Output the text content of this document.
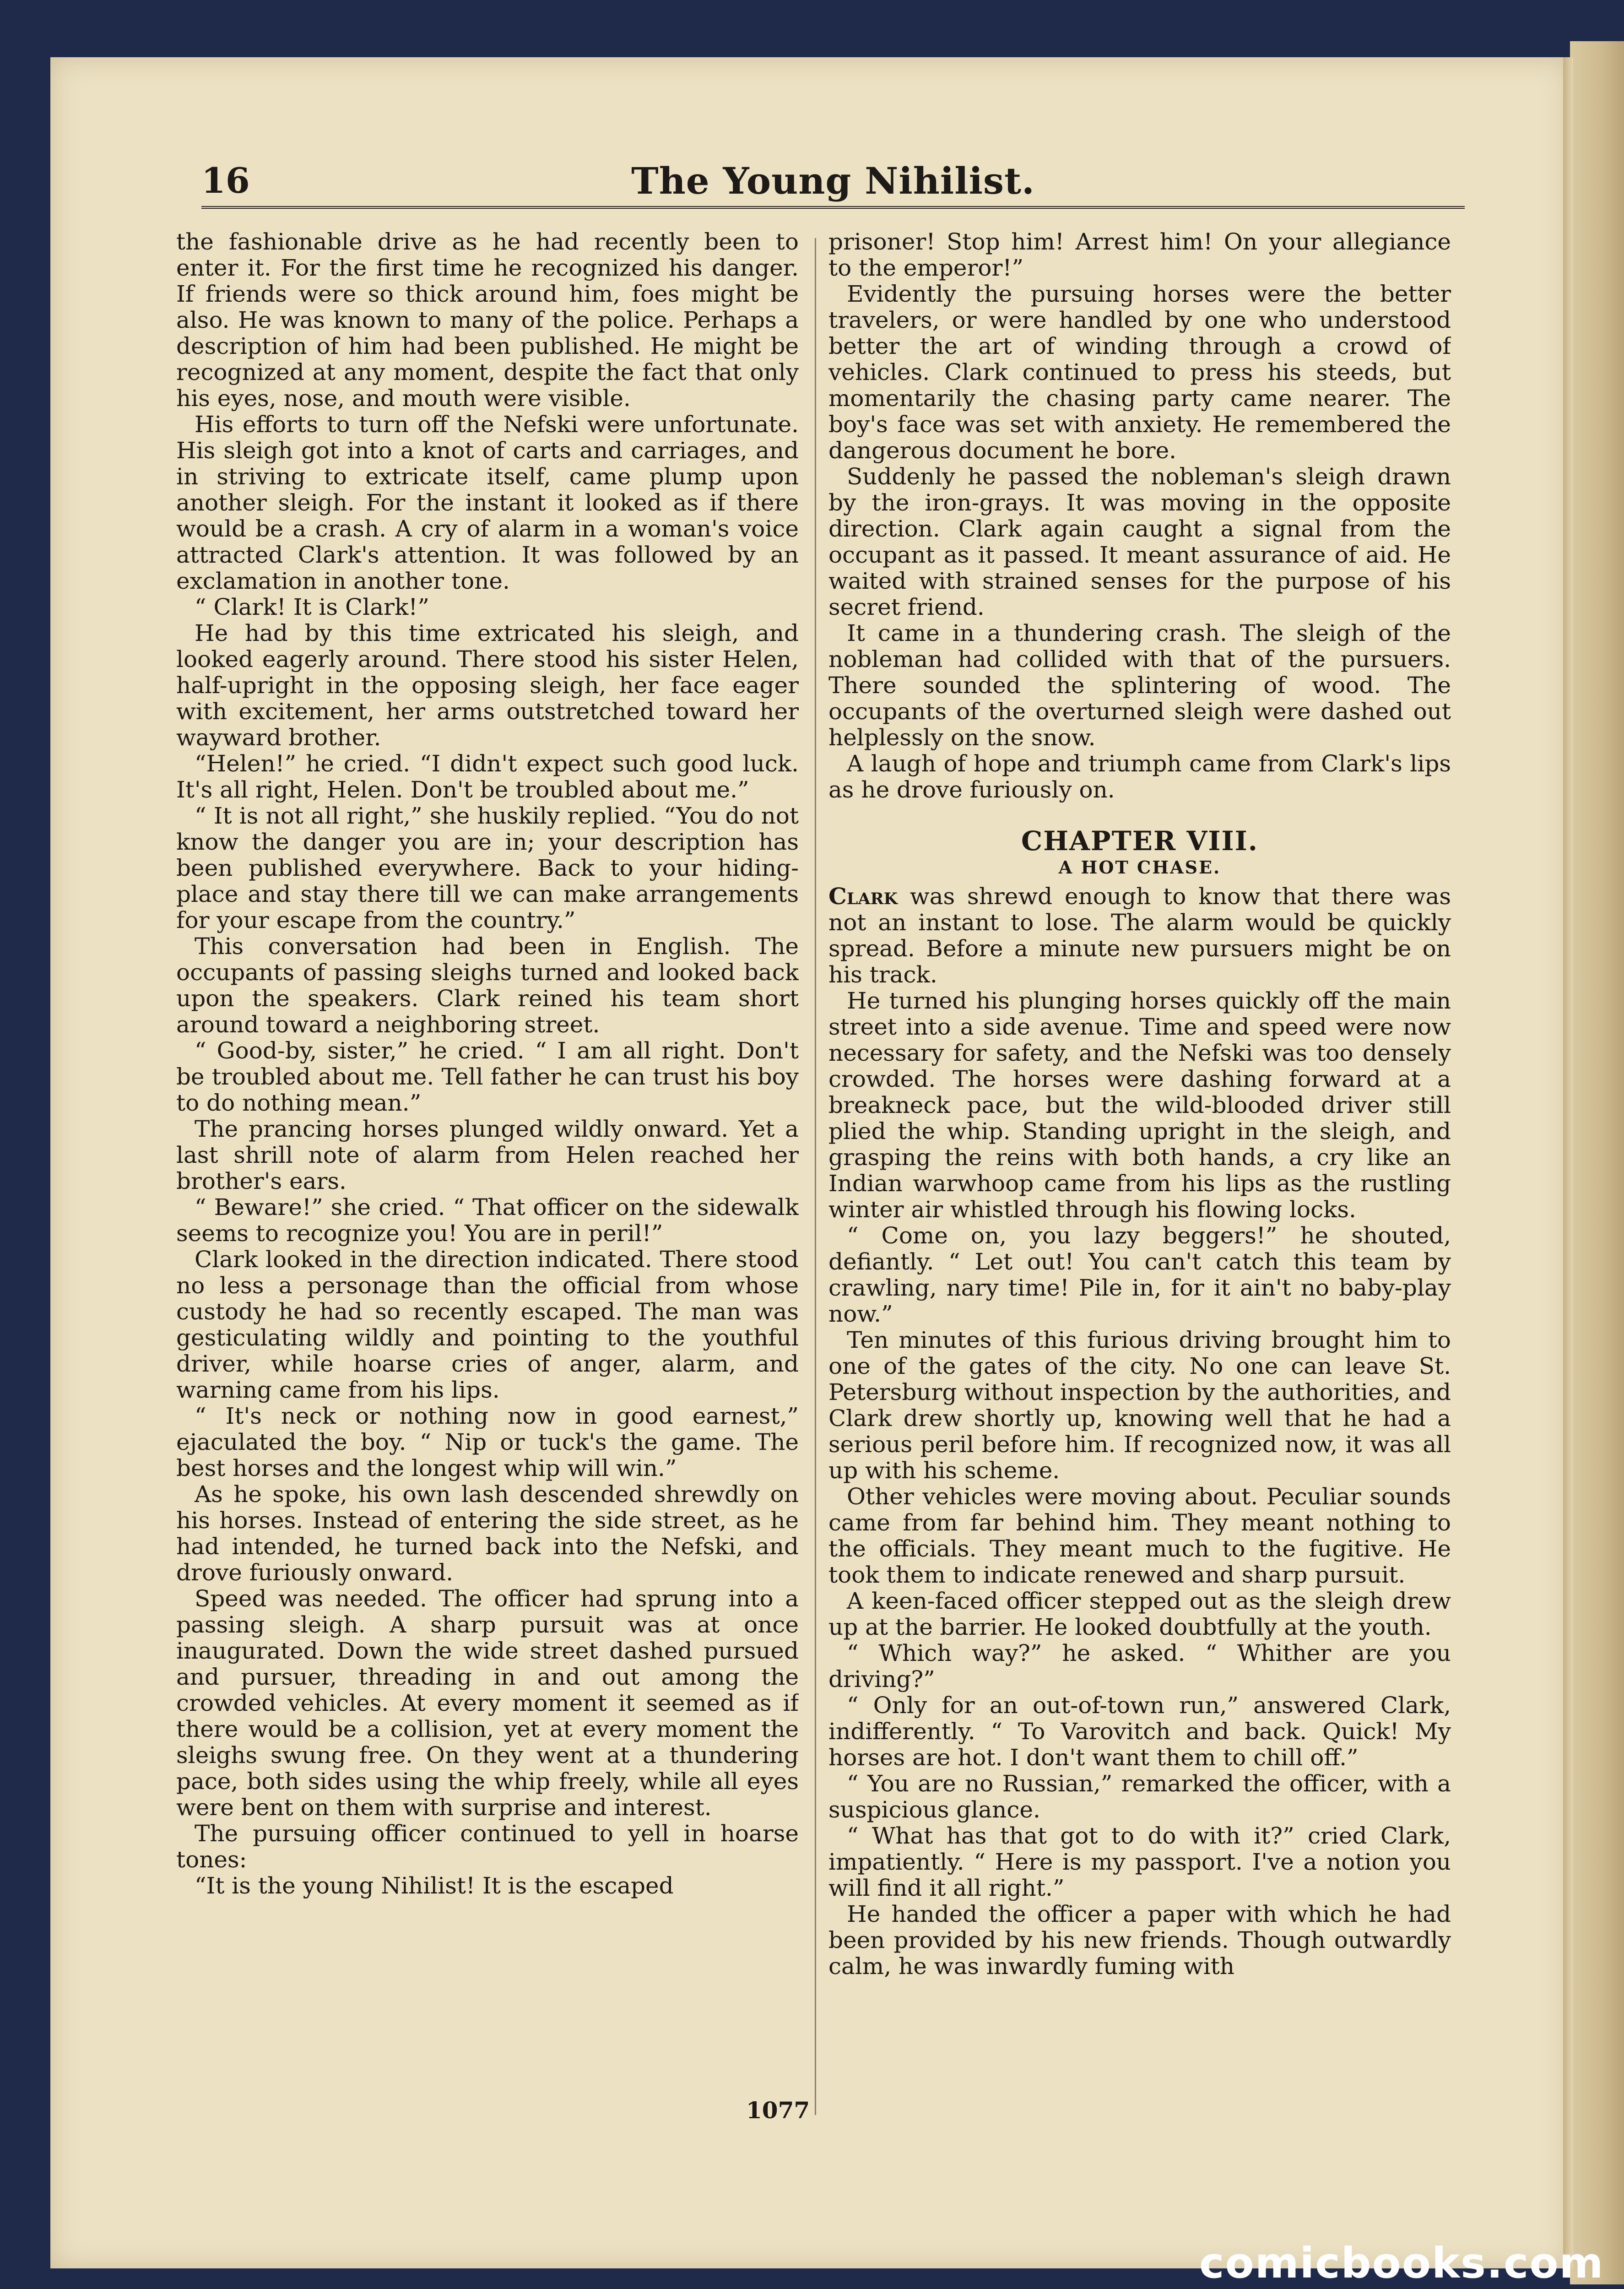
16	The Young Nihilist.

the fashionable drive as he had recently been to enter it. For the first time he recognized his danger. If friends were so thick around him, foes might be also. He was known to many of the police. Perhaps a description of him had been published. He might be recognized at any moment, despite the fact that only his eyes, nose, and mouth were visible.

His efforts to turn off the Nefski were unfortunate. His sleigh got into a knot of carts and carriages, and in striving to extricate itself, came plump upon another sleigh. For the instant it looked as if there would be a crash. A cry of alarm in a woman's voice attracted Clark's attention. It was followed by an exclamation in another tone.

“ Clark! It is Clark!”

He had by this time extricated his sleigh, and looked eagerly around. There stood his sister Helen, half-upright in the opposing sleigh, her face eager with excitement, her arms outstretched toward her wayward brother.

“Helen!” he cried. “I didn't expect such good luck. It's all right, Helen. Don't be troubled about me.”

“ It is not all right,” she huskily replied. “You do not know the danger you are in; your description has been published everywhere. Back to your hiding-place and stay there till we can make arrangements for your escape from the country.”

This conversation had been in English. The occupants of passing sleighs turned and looked back upon the speakers. Clark reined his team short around toward a neighboring street.

“ Good-by, sister,” he cried. “ I am all right. Don't be troubled about me. Tell father he can trust his boy to do nothing mean.”

The prancing horses plunged wildly onward. Yet a last shrill note of alarm from Helen reached her brother's ears.

“ Beware!” she cried. “ That officer on the sidewalk seems to recognize you! You are in peril!”

Clark looked in the direction indicated. There stood no less a personage than the official from whose custody he had so recently escaped. The man was gesticulating wildly and pointing to the youthful driver, while hoarse cries of anger, alarm, and warning came from his lips.

“ It's neck or nothing now in good earnest,” ejaculated the boy. “ Nip or tuck's the game. The best horses and the longest whip will win.”

As he spoke, his own lash descended shrewdly on his horses. Instead of entering the side street, as he had intended, he turned back into the Nefski, and drove furiously onward.

Speed was needed. The officer had sprung into a passing sleigh. A sharp pursuit was at once inaugurated. Down the wide street dashed pursued and pursuer, threading in and out among the crowded vehicles. At every moment it seemed as if there would be a collision, yet at every moment the sleighs swung free. On they went at a thundering pace, both sides using the whip freely, while all eyes were bent on them with surprise and interest.

The pursuing officer continued to yell in hoarse tones:

“It is the young Nihilist! It is the escaped

prisoner! Stop him! Arrest him! On your allegiance to the emperor!”

Evidently the pursuing horses were the better travelers, or were handled by one who understood better the art of winding through a crowd of vehicles. Clark continued to press his steeds, but momentarily the chasing party came nearer. The boy's face was set with anxiety. He remembered the dangerous document he bore.

Suddenly he passed the nobleman's sleigh drawn by the iron-grays. It was moving in the opposite direction. Clark again caught a signal from the occupant as it passed. It meant assurance of aid. He waited with strained senses for the purpose of his secret friend.

It came in a thundering crash. The sleigh of the nobleman had collided with that of the pursuers. There sounded the splintering of wood. The occupants of the overturned sleigh were dashed out helplessly on the snow.

A laugh of hope and triumph came from Clark's lips as he drove furiously on.

CHAPTER VIII.
A HOT CHASE.

Clark was shrewd enough to know that there was not an instant to lose. The alarm would be quickly spread. Before a minute new pursuers might be on his track.

He turned his plunging horses quickly off the main street into a side avenue. Time and speed were now necessary for safety, and the Nefski was too densely crowded. The horses were dashing forward at a breakneck pace, but the wild-blooded driver still plied the whip. Standing upright in the sleigh, and grasping the reins with both hands, a cry like an Indian warwhoop came from his lips as the rustling winter air whistled through his flowing locks.

“ Come on, you lazy beggers!” he shouted, defiantly. “ Let out! You can't catch this team by crawling, nary time! Pile in, for it ain't no baby-play now.”

Ten minutes of this furious driving brought him to one of the gates of the city. No one can leave St. Petersburg without inspection by the authorities, and Clark drew shortly up, knowing well that he had a serious peril before him. If recognized now, it was all up with his scheme.

Other vehicles were moving about. Peculiar sounds came from far behind him. They meant nothing to the officials. They meant much to the fugitive. He took them to indicate renewed and sharp pursuit.

A keen-faced officer stepped out as the sleigh drew up at the barrier. He looked doubtfully at the youth.

“ Which way?” he asked. “ Whither are you driving?”

“ Only for an out-of-town run,” answered Clark, indifferently. “ To Varovitch and back. Quick! My horses are hot. I don't want them to chill off.”

“ You are no Russian,” remarked the officer, with a suspicious glance.

“ What has that got to do with it?” cried Clark, impatiently. “ Here is my passport. I've a notion you will find it all right.”

He handed the officer a paper with which he had been provided by his new friends. Though outwardly calm, he was inwardly fuming with

1077
comicbooks.com
